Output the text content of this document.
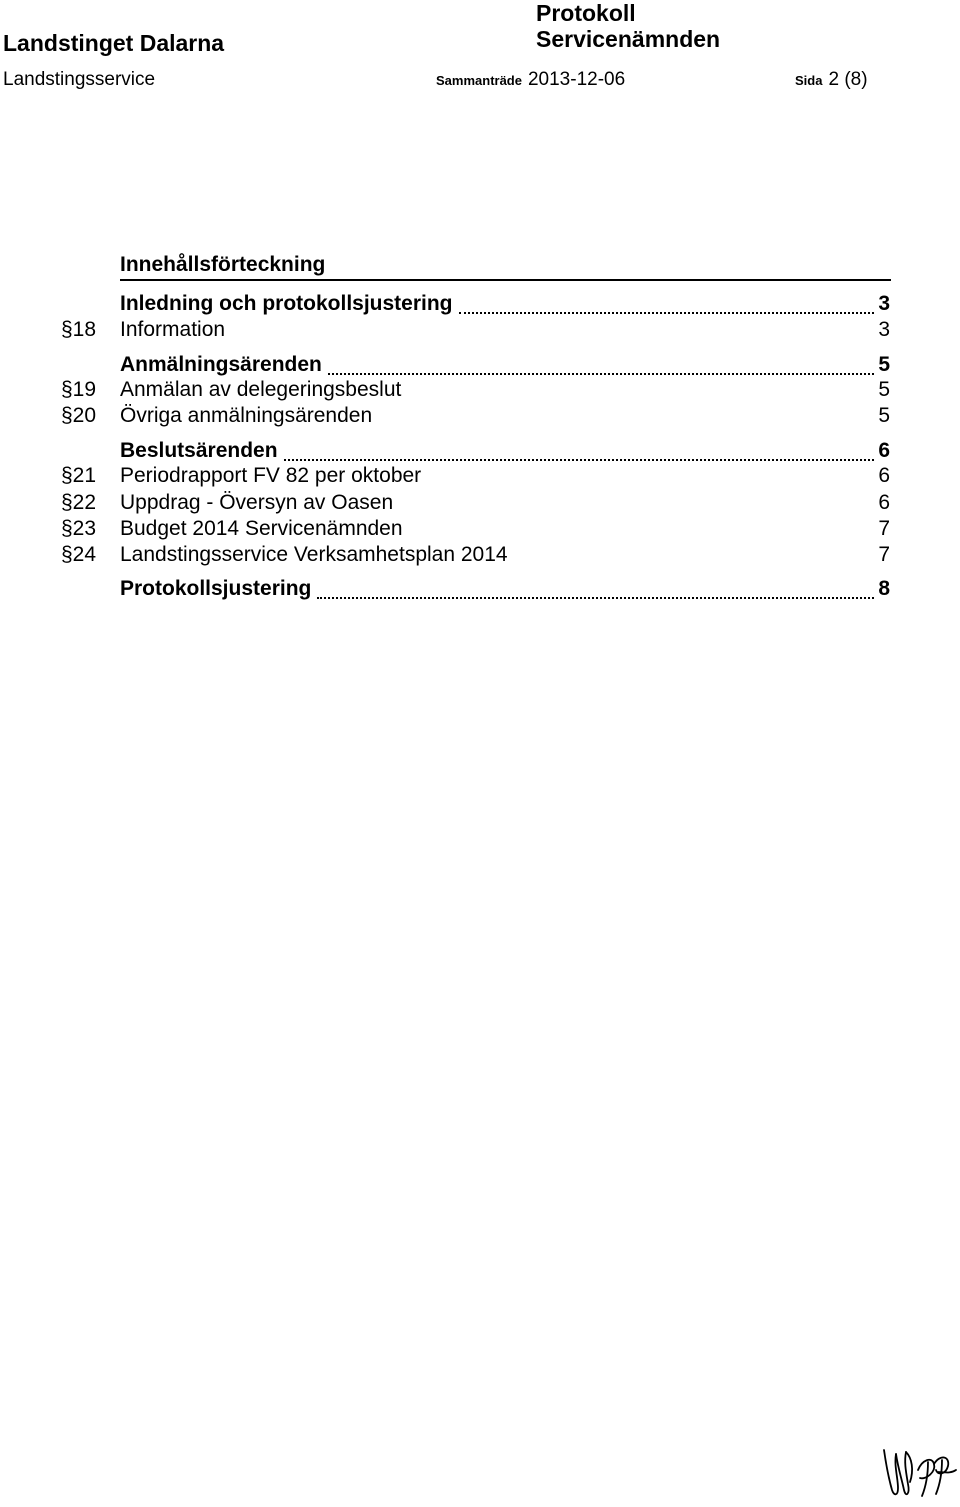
Landstinget Dalarna
Protokoll
Servicenämnden
Landstingsservice	Sammanträde 2013-12-06	Sida 2 (8)
Innehållsförteckning
Inledning och protokollsjustering	3
§18	Information	3
Anmälningsärenden	5
§19	Anmälan av delegeringsbeslut	5
§20	Övriga anmälningsärenden	5
Beslutsärenden	6
§21	Periodrapport FV 82 per oktober	6
§22	Uppdrag - Översyn av Oasen	6
§23	Budget 2014 Servicenämnden	7
§24	Landstingsservice Verksamhetsplan 2014	7
Protokollsjustering	8
